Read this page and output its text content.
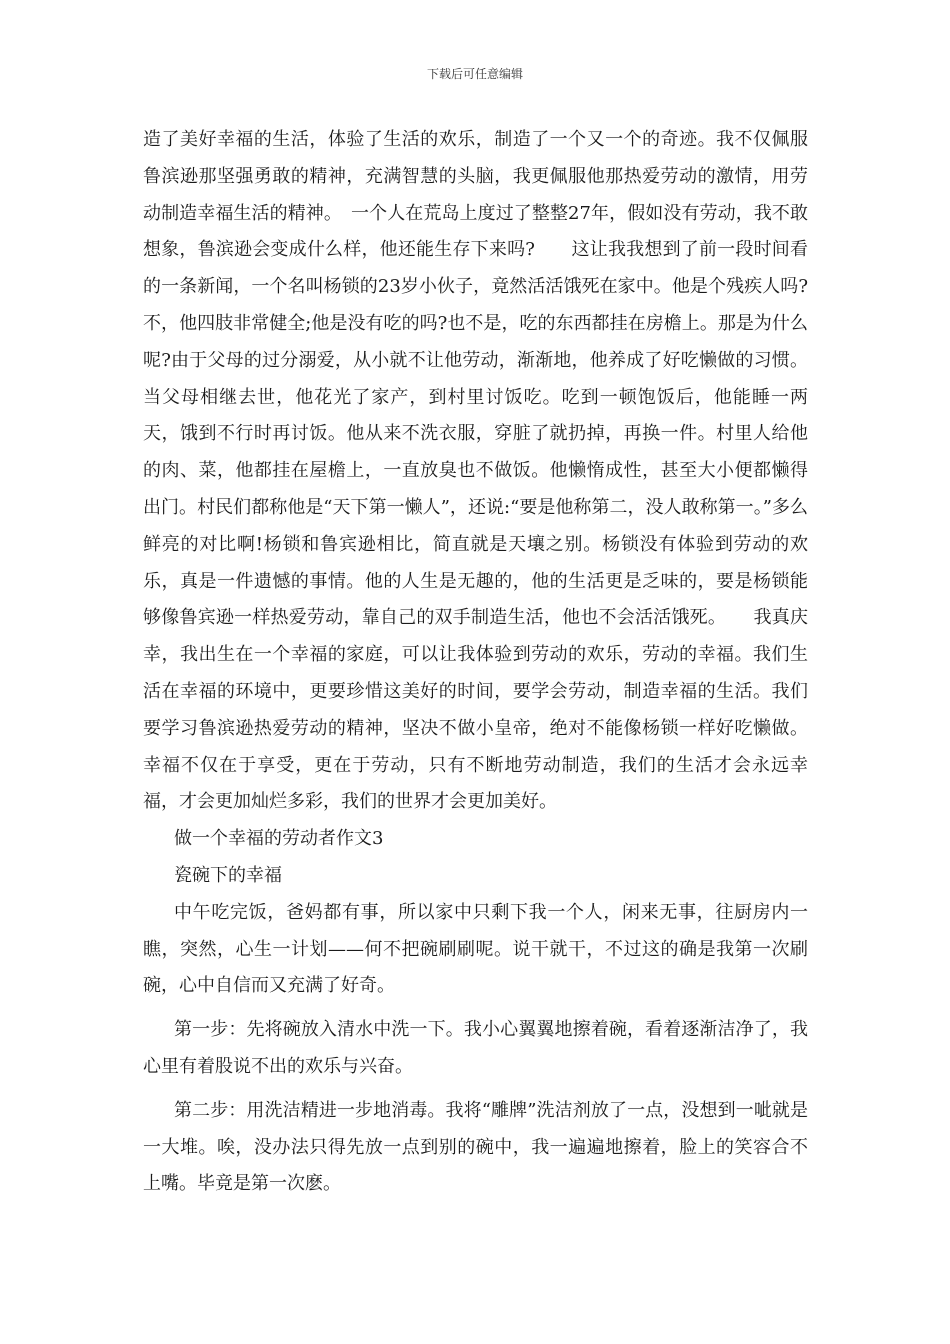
下载后可任意编辑

造了美好幸福的生活，体验了生活的欢乐，制造了一个又一个的奇迹。我不仅佩服鲁滨逊那坚强勇敢的精神，充满智慧的头脑，我更佩服他那热爱劳动的激情，用劳动制造幸福生活的精神。　一个人在荒岛上度过了整整27年，假如没有劳动，我不敢想象，鲁滨逊会变成什么样，他还能生存下来吗?　　这让我我想到了前一段时间看的一条新闻，一个名叫杨锁的23岁小伙子，竟然活活饿死在家中。他是个残疾人吗?不，他四肢非常健全;他是没有吃的吗?也不是，吃的东西都挂在房檐上。那是为什么呢?由于父母的过分溺爱，从小就不让他劳动，渐渐地，他养成了好吃懒做的习惯。当父母相继去世，他花光了家产，到村里讨饭吃。吃到一顿饱饭后，他能睡一两天，饿到不行时再讨饭。他从来不洗衣服，穿脏了就扔掉，再换一件。村里人给他的肉、菜，他都挂在屋檐上，一直放臭也不做饭。他懒惰成性，甚至大小便都懒得出门。村民们都称他是“天下第一懒人”，还说:“要是他称第二，没人敢称第一。”多么鲜亮的对比啊!杨锁和鲁宾逊相比，简直就是天壤之别。杨锁没有体验到劳动的欢乐，真是一件遗憾的事情。他的人生是无趣的，他的生活更是乏味的，要是杨锁能够像鲁宾逊一样热爱劳动，靠自己的双手制造生活，他也不会活活饿死。　　我真庆幸，我出生在一个幸福的家庭，可以让我体验到劳动的欢乐，劳动的幸福。我们生活在幸福的环境中，更要珍惜这美好的时间，要学会劳动，制造幸福的生活。我们要学习鲁滨逊热爱劳动的精神，坚决不做小皇帝，绝对不能像杨锁一样好吃懒做。幸福不仅在于享受，更在于劳动，只有不断地劳动制造，我们的生活才会永远幸福，才会更加灿烂多彩，我们的世界才会更加美好。

做一个幸福的劳动者作文3

瓷碗下的幸福

中午吃完饭，爸妈都有事，所以家中只剩下我一个人，闲来无事，往厨房内一瞧，突然，心生一计划——何不把碗刷刷呢。说干就干，不过这的确是我第一次刷碗，心中自信而又充满了好奇。

第一步：先将碗放入清水中洗一下。我小心翼翼地擦着碗，看着逐渐洁净了，我心里有着股说不出的欢乐与兴奋。

第二步：用洗洁精进一步地消毒。我将“雕牌”洗洁剂放了一点，没想到一呲就是一大堆。唉，没办法只得先放一点到别的碗中，我一遍遍地擦着，脸上的笑容合不上嘴。毕竟是第一次麽。
